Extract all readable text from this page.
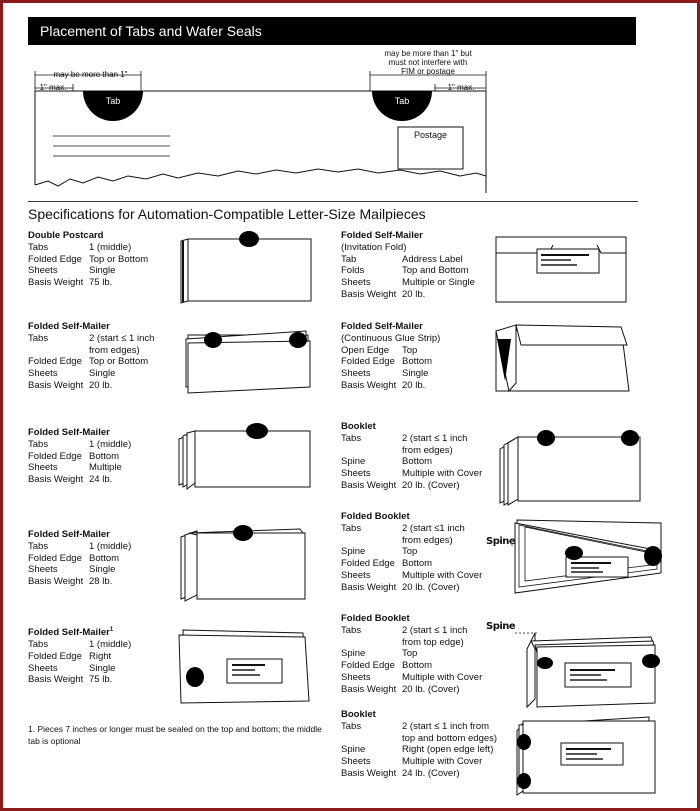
Placement of Tabs and Wafer Seals
may be more than 1"
1" max.
may be more than 1" but
must not interfere with
FIM or postage
1" max.
Tab	Tab
Postage
Specifications for Automation-Compatible Letter-Size Mailpieces
Double Postcard
Tabs	1 (middle)
Folded Edge Top or Bottom
Sheets	Single
Basis Weight 75 lb.
Folded Self-Mailer
Tabs	2 (start ≤ 1 inch
from edges)
Folded Edge Top or Bottom
Sheets	Single
Basis Weight 20 lb.
Folded Self-Mailer
Tabs	1 (middle)
Folded Edge Bottom
Sheets	Multiple
Basis Weight 24 lb.
Folded Self-Mailer
Tabs	1 (middle)
Folded Edge Bottom
Sheets	Single
Basis Weight 28 lb.
Folded Self-Mailer$^1$
Tabs	1 (middle)
Folded Edge Right
Sheets	Single
Basis Weight 75 lb.
1. Pieces 7 inches or longer must be sealed on the top and bottom; the middle tab is optional
Folded Self-Mailer
(Invitation Fold)
Tab	Address Label
Folds	Top and Bottom
Sheets	Multiple or Single
Basis Weight 20 lb.
Folded Self-Mailer
(Continuous Glue Strip)
Open Edge	Top
Folded Edge Bottom
Sheets	Single
Basis Weight 20 lb.
Booklet
Tabs	2 (start ≤ 1 inch
from edges)
Spine	Bottom
Sheets	Multiple with Cover
Basis Weight 20 lb. (Cover)
Folded Booklet
Tabs	2 (start ≤1 inch
from edges)
Spine	Top
Folded Edge Bottom
Sheets	Multiple with Cover
Basis Weight 20 lb. (Cover)
Folded Booklet
Tabs	2 (start ≤ 1 inch
from top edge)
Spine	Top
Folded Edge Bottom
Sheets	Multiple with Cover
Basis Weight 20 lb. (Cover)
Booklet
Tabs	2 (start ≤ 1 inch from
top and bottom edges)
Spine	Right (open edge left)
Sheets	Multiple with Cover
Basis Weight 24 lb. (Cover)
Spine
Spine
